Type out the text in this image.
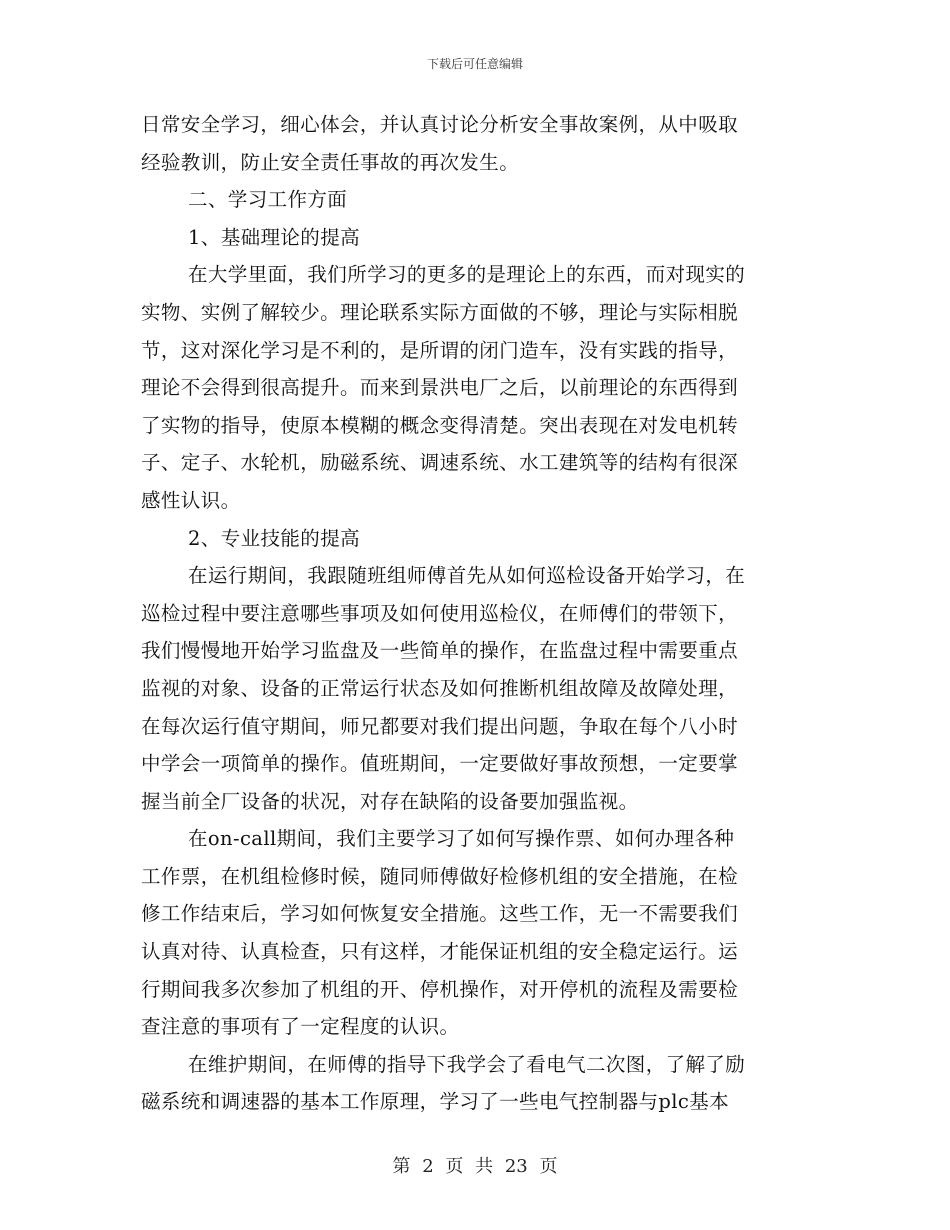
下载后可任意编辑
日常安全学习，细心体会，并认真讨论分析安全事故案例，从中吸取
经验教训，防止安全责任事故的再次发生。
二、学习工作方面
1、基础理论的提高
在大学里面，我们所学习的更多的是理论上的东西，而对现实的
实物、实例了解较少。理论联系实际方面做的不够，理论与实际相脱
节，这对深化学习是不利的，是所谓的闭门造车，没有实践的指导，
理论不会得到很高提升。而来到景洪电厂之后，以前理论的东西得到
了实物的指导，使原本模糊的概念变得清楚。突出表现在对发电机转
子、定子、水轮机，励磁系统、调速系统、水工建筑等的结构有很深
感性认识。
2、专业技能的提高
在运行期间，我跟随班组师傅首先从如何巡检设备开始学习，在
巡检过程中要注意哪些事项及如何使用巡检仪，在师傅们的带领下，
我们慢慢地开始学习监盘及一些简单的操作，在监盘过程中需要重点
监视的对象、设备的正常运行状态及如何推断机组故障及故障处理，
在每次运行值守期间，师兄都要对我们提出问题，争取在每个八小时
中学会一项简单的操作。值班期间，一定要做好事故预想，一定要掌
握当前全厂设备的状况，对存在缺陷的设备要加强监视。
在on-call期间，我们主要学习了如何写操作票、如何办理各种
工作票，在机组检修时候，随同师傅做好检修机组的安全措施，在检
修工作结束后，学习如何恢复安全措施。这些工作，无一不需要我们
认真对待、认真检查，只有这样，才能保证机组的安全稳定运行。运
行期间我多次参加了机组的开、停机操作，对开停机的流程及需要检
查注意的事项有了一定程度的认识。
在维护期间，在师傅的指导下我学会了看电气二次图，了解了励
磁系统和调速器的基本工作原理，学习了一些电气控制器与plc基本
第 2 页 共 23 页
